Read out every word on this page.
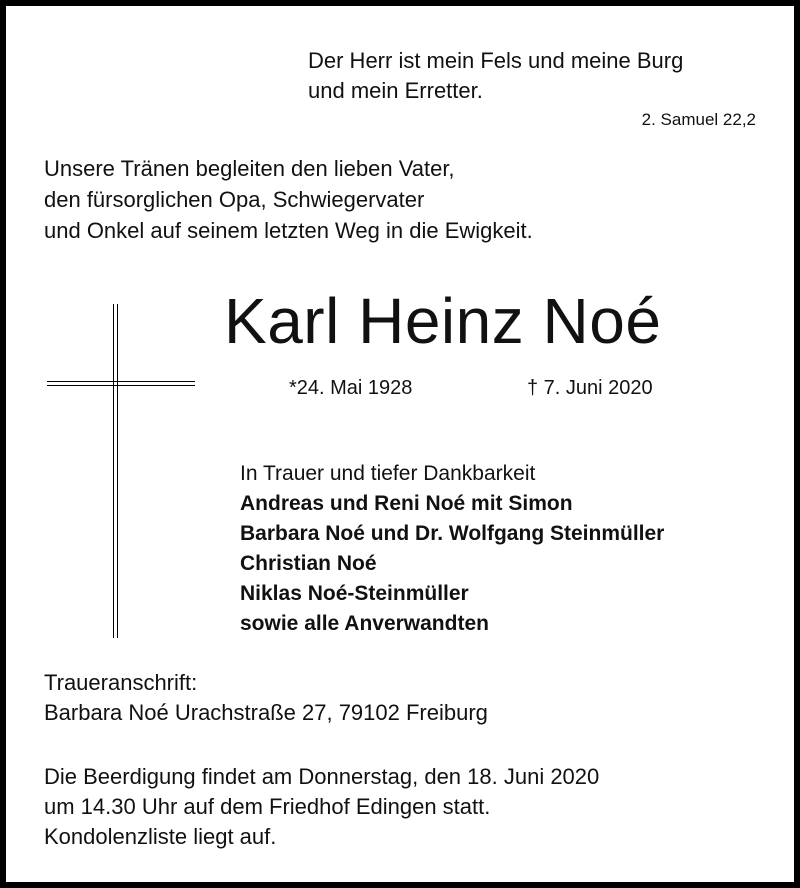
Der Herr ist mein Fels und meine Burg
und mein Erretter.
2. Samuel 22,2
Unsere Tränen begleiten den lieben Vater,
den fürsorglichen Opa, Schwiegervater
und Onkel auf seinem letzten Weg in die Ewigkeit.
Karl Heinz Noé
*24. Mai 1928	† 7. Juni 2020
In Trauer und tiefer Dankbarkeit
Andreas und Reni Noé mit Simon
Barbara Noé und Dr. Wolfgang Steinmüller
Christian Noé
Niklas Noé-Steinmüller
sowie alle Anverwandten
Traueranschrift:
Barbara Noé Urachstraße 27, 79102 Freiburg
Die Beerdigung findet am Donnerstag, den 18. Juni 2020
um 14.30 Uhr auf dem Friedhof Edingen statt.
Kondolenzliste liegt auf.
